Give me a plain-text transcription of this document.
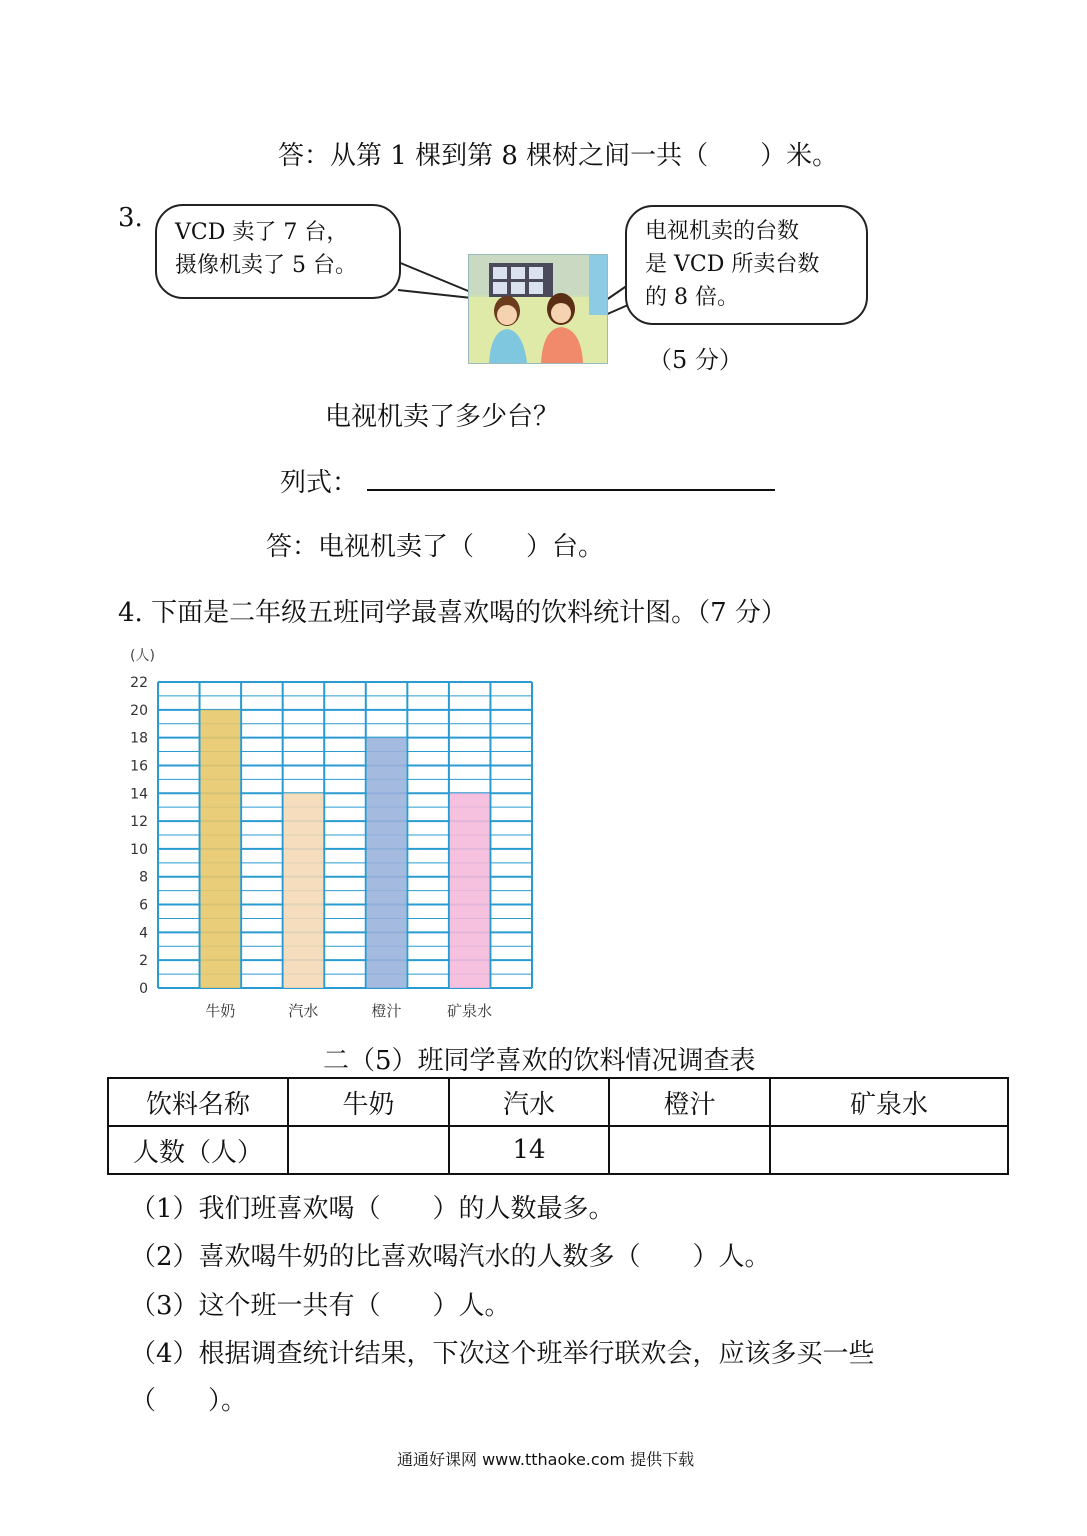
答：从第 1 棵到第 8 棵树之间一共（　　）米。
3. VCD 卖了 7 台，
摄像机卖了 5 台。
电视机卖的台数
是 VCD 所卖台数
的 8 倍。
（5 分）
电视机卖了多少台？
列式：
答：电视机卖了（　　）台。
4. 下面是二年级五班同学最喜欢喝的饮料统计图。（7 分）
0
2
4
6
8
10
12
14
16
18
20
22
牛奶	汽水	橙汁	矿泉水
(人)
二（5）班同学喜欢的饮料情况调查表
饮料名称	牛奶	汽水	橙汁	矿泉水
人数（人）		14		
（1）我们班喜欢喝（　　）的人数最多。
（2）喜欢喝牛奶的比喜欢喝汽水的人数多（　　）人。
（3）这个班一共有（　　）人。
（4）根据调查统计结果，下次这个班举行联欢会，应该多买一些
（　　）。
通通好课网 www.tthaoke.com 提供下载
